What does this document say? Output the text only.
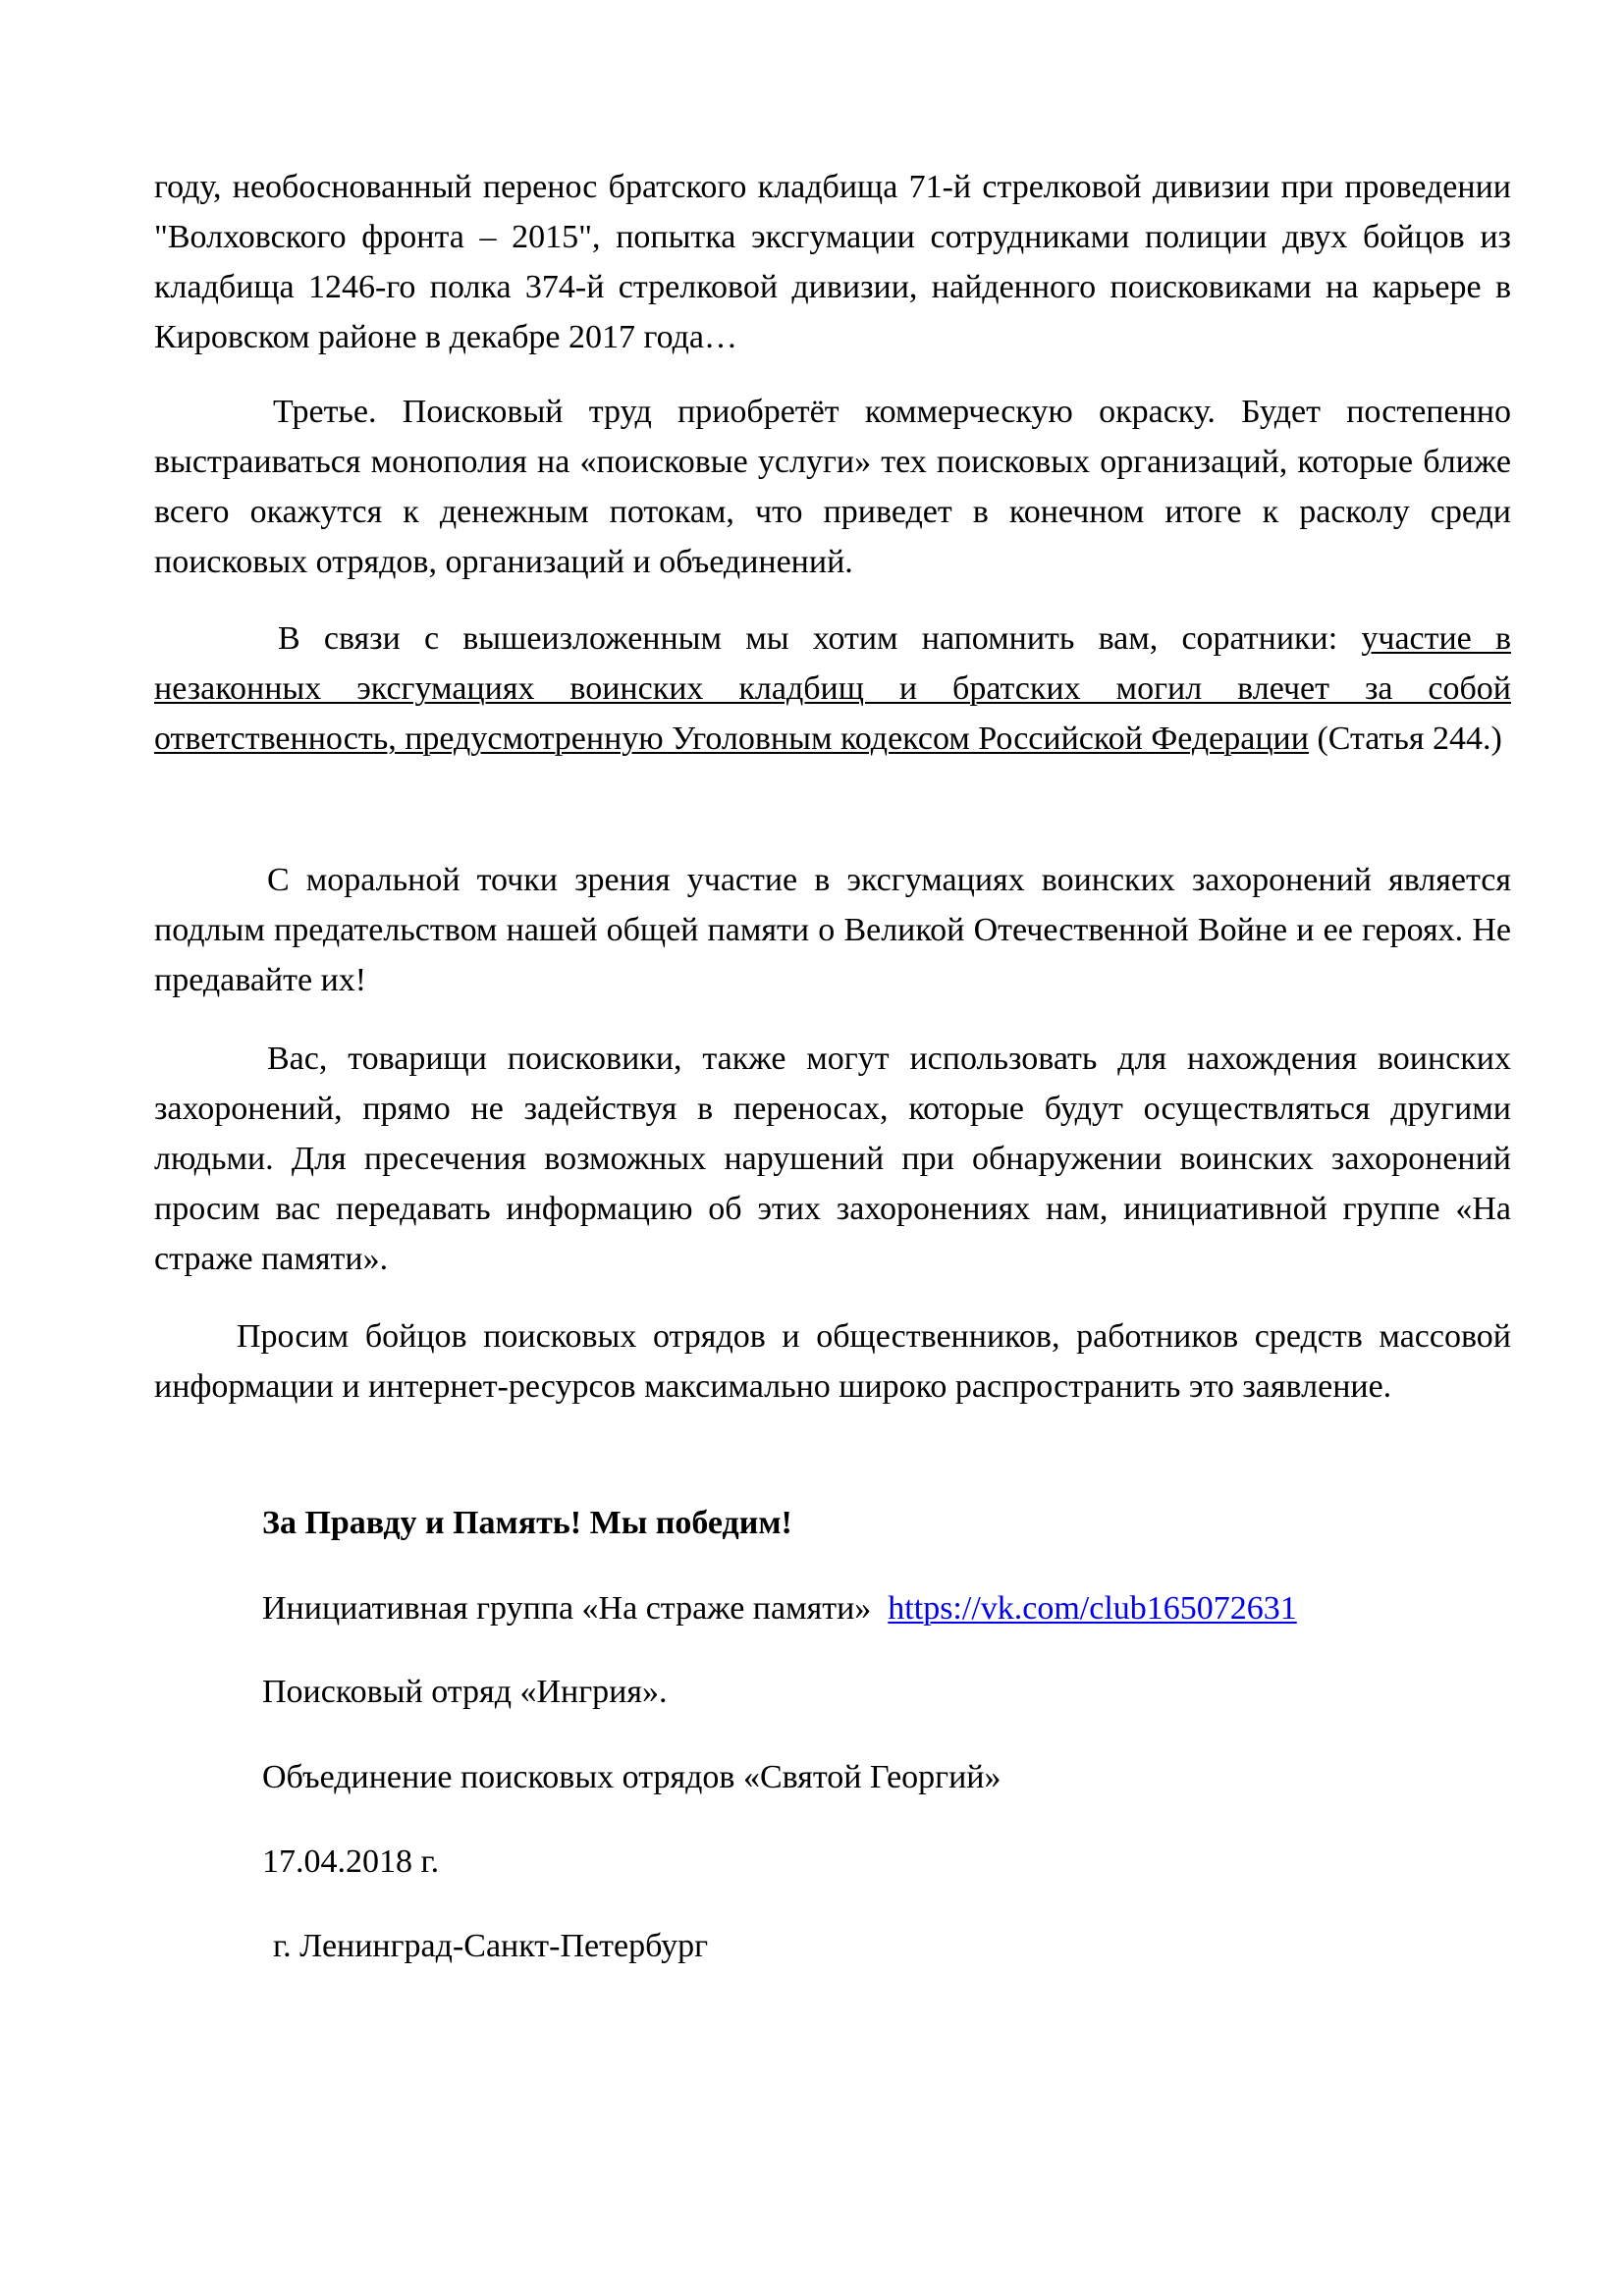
году, необоснованный перенос братского кладбища 71-й стрелковой дивизии при проведении "Волховского фронта – 2015", попытка эксгумации сотрудниками полиции двух бойцов из кладбища 1246-го полка 374-й стрелковой дивизии, найденного поисковиками на карьере в Кировском районе в декабре 2017 года…

Третье. Поисковый труд приобретёт коммерческую окраску. Будет постепенно выстраиваться монополия на «поисковые услуги» тех поисковых организаций, которые ближе всего окажутся к денежным потокам, что приведет в конечном итоге к расколу среди поисковых отрядов, организаций и объединений.

В связи с вышеизложенным мы хотим напомнить вам, соратники: участие в незаконных эксгумациях воинских кладбищ и братских могил влечет за собой ответственность, предусмотренную Уголовным кодексом Российской Федерации (Статья 244.)

С моральной точки зрения участие в эксгумациях воинских захоронений является подлым предательством нашей общей памяти о Великой Отечественной Войне и ее героях. Не предавайте их!

Вас, товарищи поисковики, также могут использовать для нахождения воинских захоронений, прямо не задействуя в переносах, которые будут осуществляться другими людьми. Для пресечения возможных нарушений при обнаружении воинских захоронений просим вас передавать информацию об этих захоронениях нам, инициативной группе «На страже памяти».

Просим бойцов поисковых отрядов и общественников, работников средств массовой информации и интернет-ресурсов максимально широко распространить это заявление.

За Правду и Память! Мы победим!

Инициативная группа «На страже памяти» https://vk.com/club165072631

Поисковый отряд «Ингрия».

Объединение поисковых отрядов «Святой Георгий»

17.04.2018 г.

г. Ленинград-Санкт-Петербург
